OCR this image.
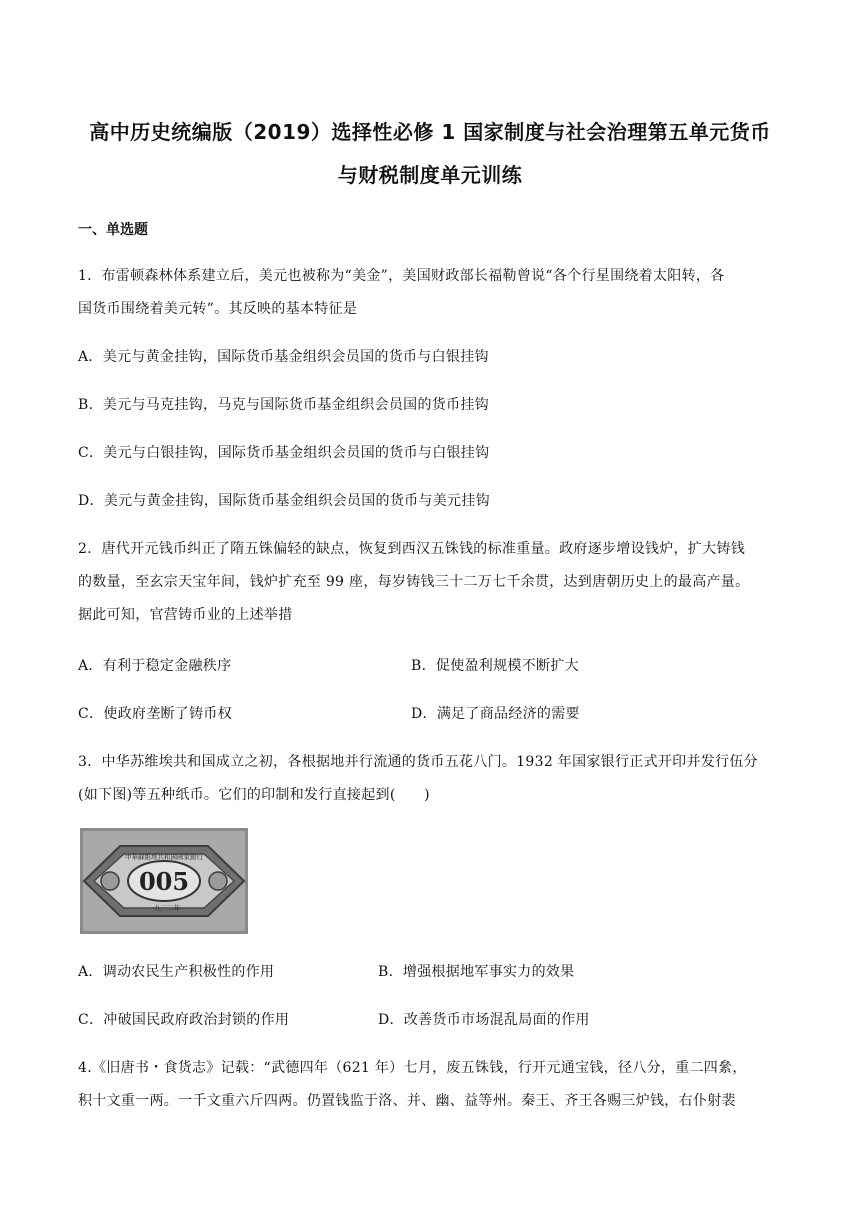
高中历史统编版（2019）选择性必修 1 国家制度与社会治理第五单元货币
与财税制度单元训练
一、单选题
1．布雷顿森林体系建立后，美元也被称为“美金”，美国财政部长福勒曾说“各个行星围绕着太阳转，各
国货币围绕着美元转”。其反映的基本特征是
A．美元与黄金挂钩，国际货币基金组织会员国的货币与白银挂钩
B．美元与马克挂钩，马克与国际货币基金组织会员国的货币挂钩
C．美元与白银挂钩，国际货币基金组织会员国的货币与白银挂钩
D．美元与黄金挂钩，国际货币基金组织会员国的货币与美元挂钩
2．唐代开元钱币纠正了隋五铢偏轻的缺点，恢复到西汉五铢钱的标准重量。政府逐步增设钱炉，扩大铸钱
的数量，至玄宗天宝年间，钱炉扩充至 99 座，每岁铸钱三十二万七千余贯，达到唐朝历史上的最高产量。
据此可知，官营铸币业的上述举措
A．有利于稳定金融秩序	B．促使盈利规模不断扩大
C．使政府垄断了铸币权	D．满足了商品经济的需要
3．中华苏维埃共和国成立之初，各根据地并行流通的货币五花八门。1932 年国家银行正式开印并发行伍分
(如下图)等五种纸币。它们的印制和发行直接起到(　　)
中華蘇維埃共和國國家銀行
005
一九三二年
A．调动农民生产积极性的作用	B．增强根据地军事实力的效果
C．冲破国民政府政治封锁的作用	D．改善货币市场混乱局面的作用
4.《旧唐书・食货志》记载：“武德四年（621 年）七月，废五铢钱，行开元通宝钱，径八分，重二四絫，
积十文重一两。一千文重六斤四两。仍置钱监于洛、并、幽、益等州。秦王、齐王各赐三炉钱，右仆射裴
